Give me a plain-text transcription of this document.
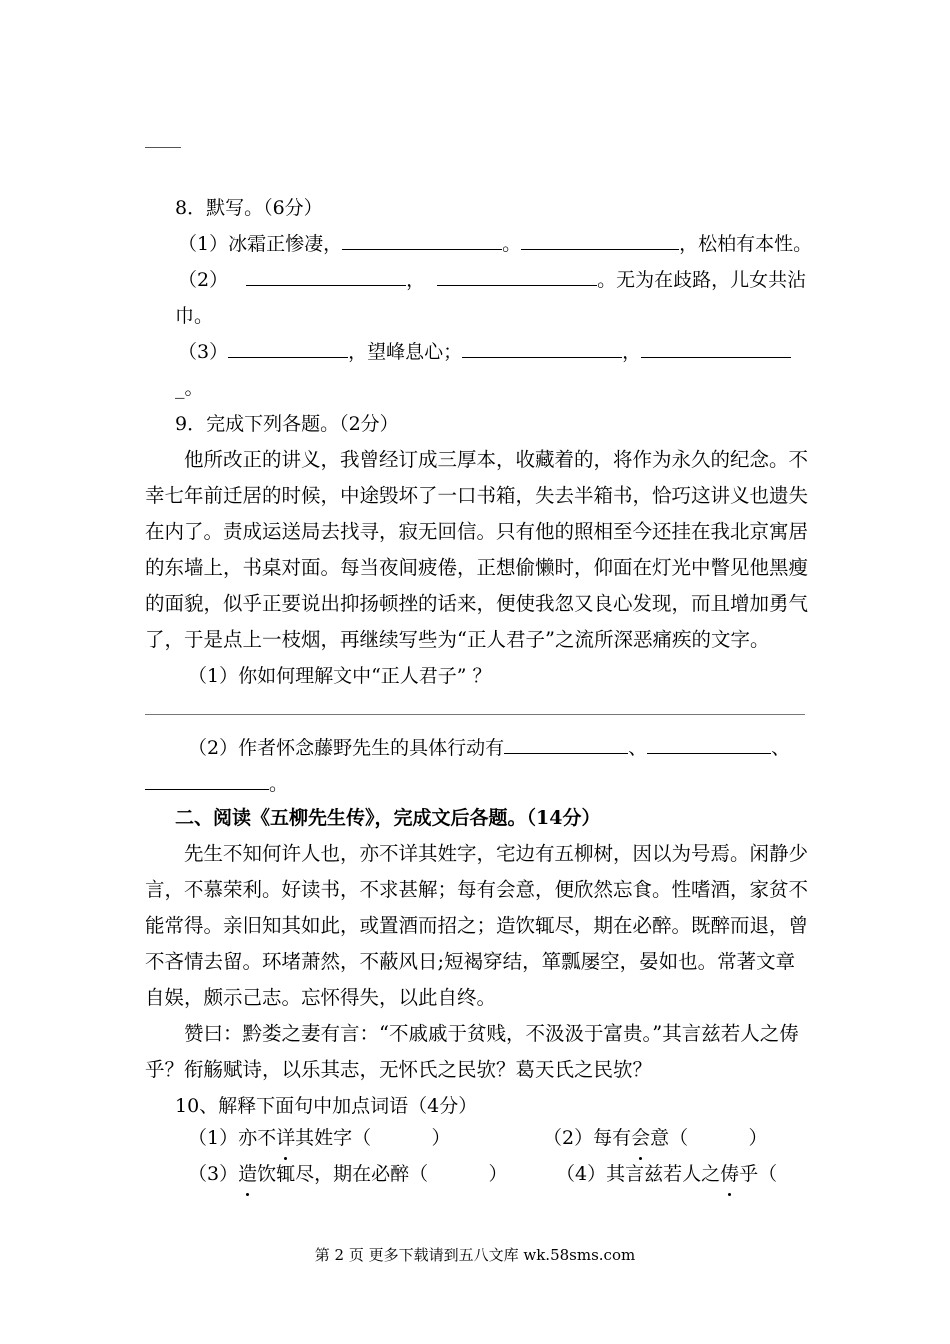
8．默写。（6分）
（1）冰霜正惨凄，	。	，松柏有本性。
（2）	，	。无为在歧路，儿女共沾
巾。
（3）	，望峰息心；	，
_。
9．完成下列各题。（2分）
他所改正的讲义，我曾经订成三厚本，收藏着的，将作为永久的纪念。不幸七年前迁居的时候，中途毁坏了一口书箱，失去半箱书，恰巧这讲义也遗失在内了。责成运送局去找寻，寂无回信。只有他的照相至今还挂在我北京寓居的东墙上，书桌对面。每当夜间疲倦，正想偷懒时，仰面在灯光中瞥见他黑瘦的面貌，似乎正要说出抑扬顿挫的话来，便使我忽又良心发现，而且增加勇气了，于是点上一枝烟，再继续写些为“正人君子”之流所深恶痛疾的文字。
（1）你如何理解文中“正人君子” ？
（2）作者怀念藤野先生的具体行动有	、	、
。
二、阅读《五柳先生传》，完成文后各题。（14分）
先生不知何许人也，亦不详其姓字，宅边有五柳树，因以为号焉。闲静少言，不慕荣利。好读书，不求甚解；每有会意，便欣然忘食。性嗜酒，家贫不能常得。亲旧知其如此，或置酒而招之；造饮辄尽，期在必醉。既醉而退，曾不吝情去留。环堵萧然，不蔽风日;短褐穿结，箪瓢屡空，晏如也。常著文章自娱，颇示己志。忘怀得失，以此自终。
赞曰：黔娄之妻有言：“不戚戚于贫贱，不汲汲于富贵。”其言兹若人之俦乎？衔觞赋诗，以乐其志，无怀氏之民欤？葛天氏之民欤？
10、解释下面句中加点词语（4分）
（1）亦不详其姓字（          ）	（2）每有会意（          ）
（3）造饮辄尽，期在必醉（          ）	（4）其言兹若人之俦乎（
第 2 页 更多下载请到五八文库 wk.58sms.com
